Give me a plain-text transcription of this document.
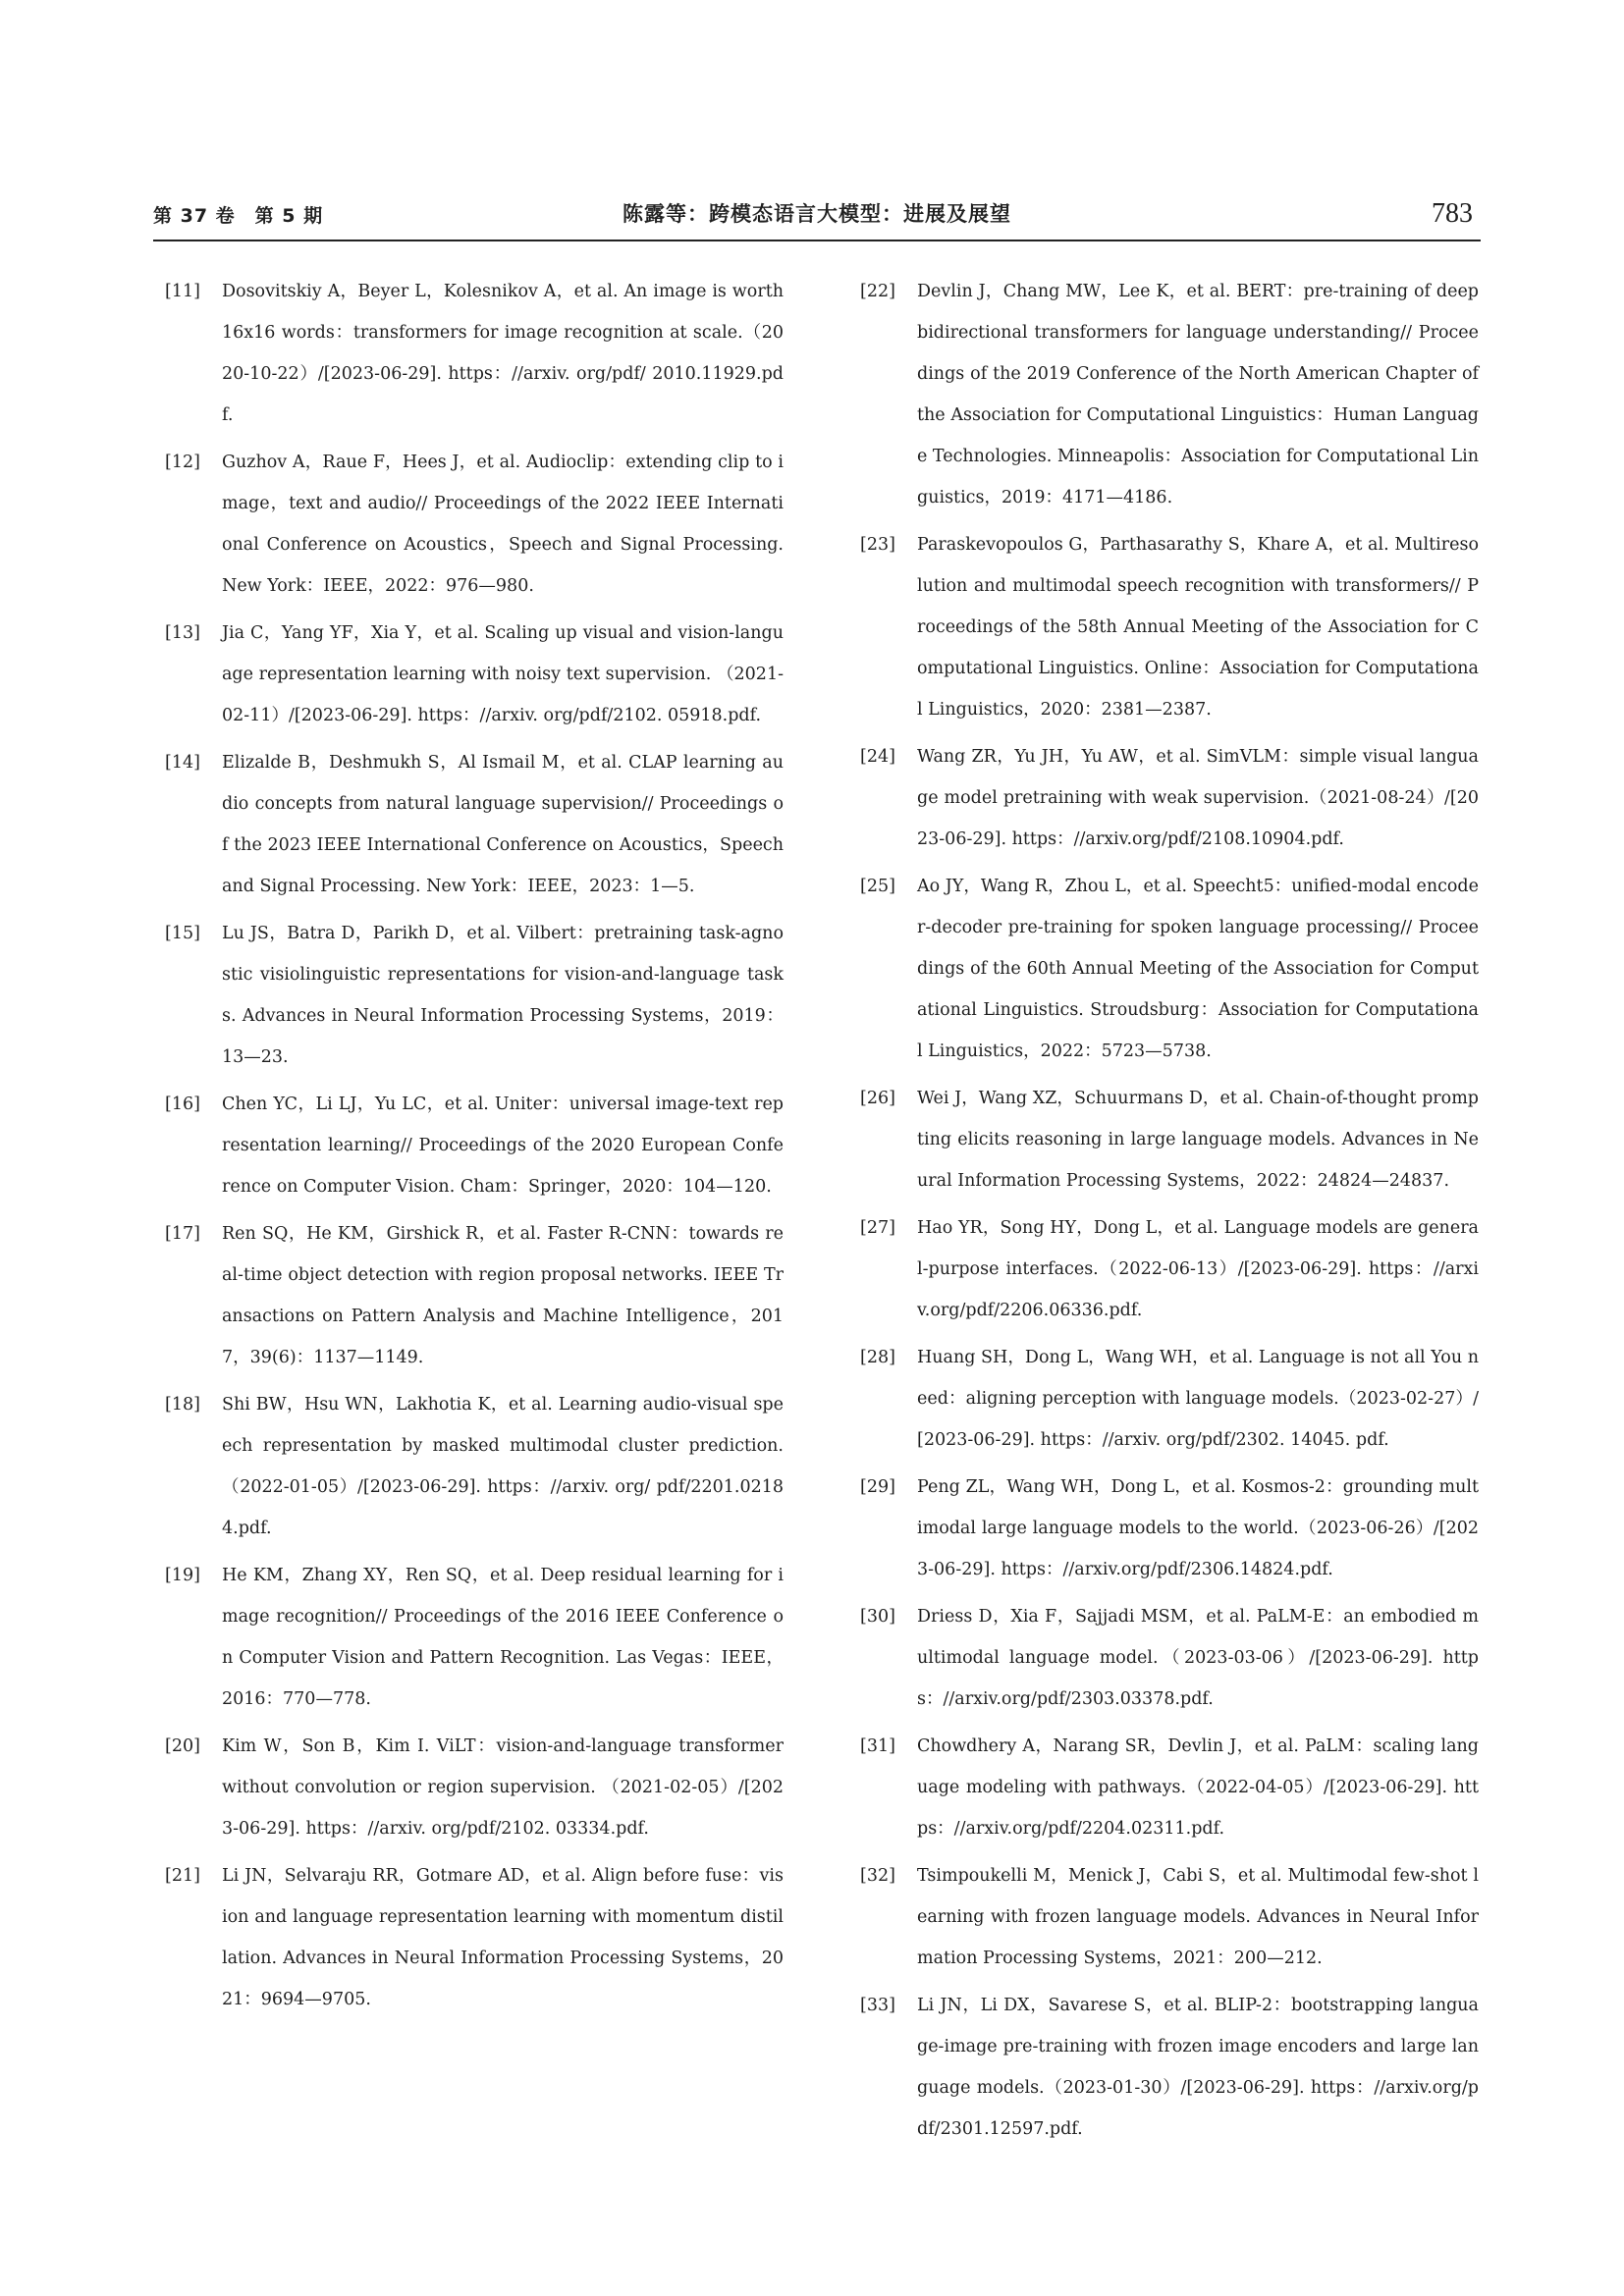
第 37 卷　第 5 期	陈露等：跨模态语言大模型：进展及展望	783
[11]	Dosovitskiy A，Beyer L，Kolesnikov A，et al. An image is worth 16x16 words：transformers for image recognition at scale.（2020-10-22）/[2023-06-29]. https：//arxiv. org/pdf/ 2010.11929.pdf.
[12]	Guzhov A，Raue F，Hees J，et al. Audioclip：extending clip to image，text and audio// Proceedings of the 2022 IEEE International Conference on Acoustics，Speech and Signal Processing. New York：IEEE，2022：976—980.
[13]	Jia C，Yang YF，Xia Y，et al. Scaling up visual and vision-language representation learning with noisy text supervision. （2021-02-11）/[2023-06-29]. https：//arxiv. org/pdf/2102. 05918.pdf.
[14]	Elizalde B，Deshmukh S，Al Ismail M，et al. CLAP learning audio concepts from natural language supervision// Proceedings of the 2023 IEEE International Conference on Acoustics，Speech and Signal Processing. New York：IEEE，2023：1—5.
[15]	Lu JS，Batra D，Parikh D，et al. Vilbert：pretraining task-agnostic visiolinguistic representations for vision-and-language tasks. Advances in Neural Information Processing Systems，2019：13—23.
[16]	Chen YC，Li LJ，Yu LC，et al. Uniter：universal image-text representation learning// Proceedings of the 2020 European Conference on Computer Vision. Cham：Springer，2020：104—120.
[17]	Ren SQ，He KM，Girshick R，et al. Faster R-CNN：towards real-time object detection with region proposal networks. IEEE Transactions on Pattern Analysis and Machine Intelligence，2017，39(6)：1137—1149.
[18]	Shi BW，Hsu WN，Lakhotia K，et al. Learning audio-visual speech representation by masked multimodal cluster prediction.（2022-01-05）/[2023-06-29]. https：//arxiv. org/ pdf/2201.02184.pdf.
[19]	He KM，Zhang XY，Ren SQ，et al. Deep residual learning for image recognition// Proceedings of the 2016 IEEE Conference on Computer Vision and Pattern Recognition. Las Vegas：IEEE，2016：770—778.
[20]	Kim W，Son B，Kim I. ViLT：vision-and-language transformer without convolution or region supervision. （2021-02-05）/[2023-06-29]. https：//arxiv. org/pdf/2102. 03334.pdf.
[21]	Li JN，Selvaraju RR，Gotmare AD，et al. Align before fuse：vision and language representation learning with momentum distillation. Advances in Neural Information Processing Systems，2021：9694—9705.
[22]	Devlin J，Chang MW，Lee K，et al. BERT：pre-training of deep bidirectional transformers for language understanding// Proceedings of the 2019 Conference of the North American Chapter of the Association for Computational Linguistics：Human Language Technologies. Minneapolis：Association for Computational Linguistics，2019：4171—4186.
[23]	Paraskevopoulos G，Parthasarathy S，Khare A，et al. Multiresolution and multimodal speech recognition with transformers// Proceedings of the 58th Annual Meeting of the Association for Computational Linguistics. Online：Association for Computational Linguistics，2020：2381—2387.
[24]	Wang ZR，Yu JH，Yu AW，et al. SimVLM：simple visual language model pretraining with weak supervision.（2021-08-24）/[2023-06-29]. https：//arxiv.org/pdf/2108.10904.pdf.
[25]	Ao JY，Wang R，Zhou L，et al. Speecht5：unified-modal encoder-decoder pre-training for spoken language processing// Proceedings of the 60th Annual Meeting of the Association for Computational Linguistics. Stroudsburg：Association for Computational Linguistics，2022：5723—5738.
[26]	Wei J，Wang XZ，Schuurmans D，et al. Chain-of-thought prompting elicits reasoning in large language models. Advances in Neural Information Processing Systems，2022：24824—24837.
[27]	Hao YR，Song HY，Dong L，et al. Language models are general-purpose interfaces.（2022-06-13）/[2023-06-29]. https：//arxiv.org/pdf/2206.06336.pdf.
[28]	Huang SH，Dong L，Wang WH，et al. Language is not all You need：aligning perception with language models.（2023-02-27）/[2023-06-29]. https：//arxiv. org/pdf/2302. 14045. pdf.
[29]	Peng ZL，Wang WH，Dong L，et al. Kosmos-2：grounding multimodal large language models to the world.（2023-06-26）/[2023-06-29]. https：//arxiv.org/pdf/2306.14824.pdf.
[30]	Driess D，Xia F，Sajjadi MSM，et al. PaLM-E：an embodied multimodal language model.（2023-03-06）/[2023-06-29]. https：//arxiv.org/pdf/2303.03378.pdf.
[31]	Chowdhery A，Narang SR，Devlin J，et al. PaLM：scaling language modeling with pathways.（2022-04-05）/[2023-06-29]. https：//arxiv.org/pdf/2204.02311.pdf.
[32]	Tsimpoukelli M，Menick J，Cabi S，et al. Multimodal few-shot learning with frozen language models. Advances in Neural Information Processing Systems，2021：200—212.
[33]	Li JN，Li DX，Savarese S，et al. BLIP-2：bootstrapping language-image pre-training with frozen image encoders and large language models.（2023-01-30）/[2023-06-29]. https：//arxiv.org/pdf/2301.12597.pdf.
